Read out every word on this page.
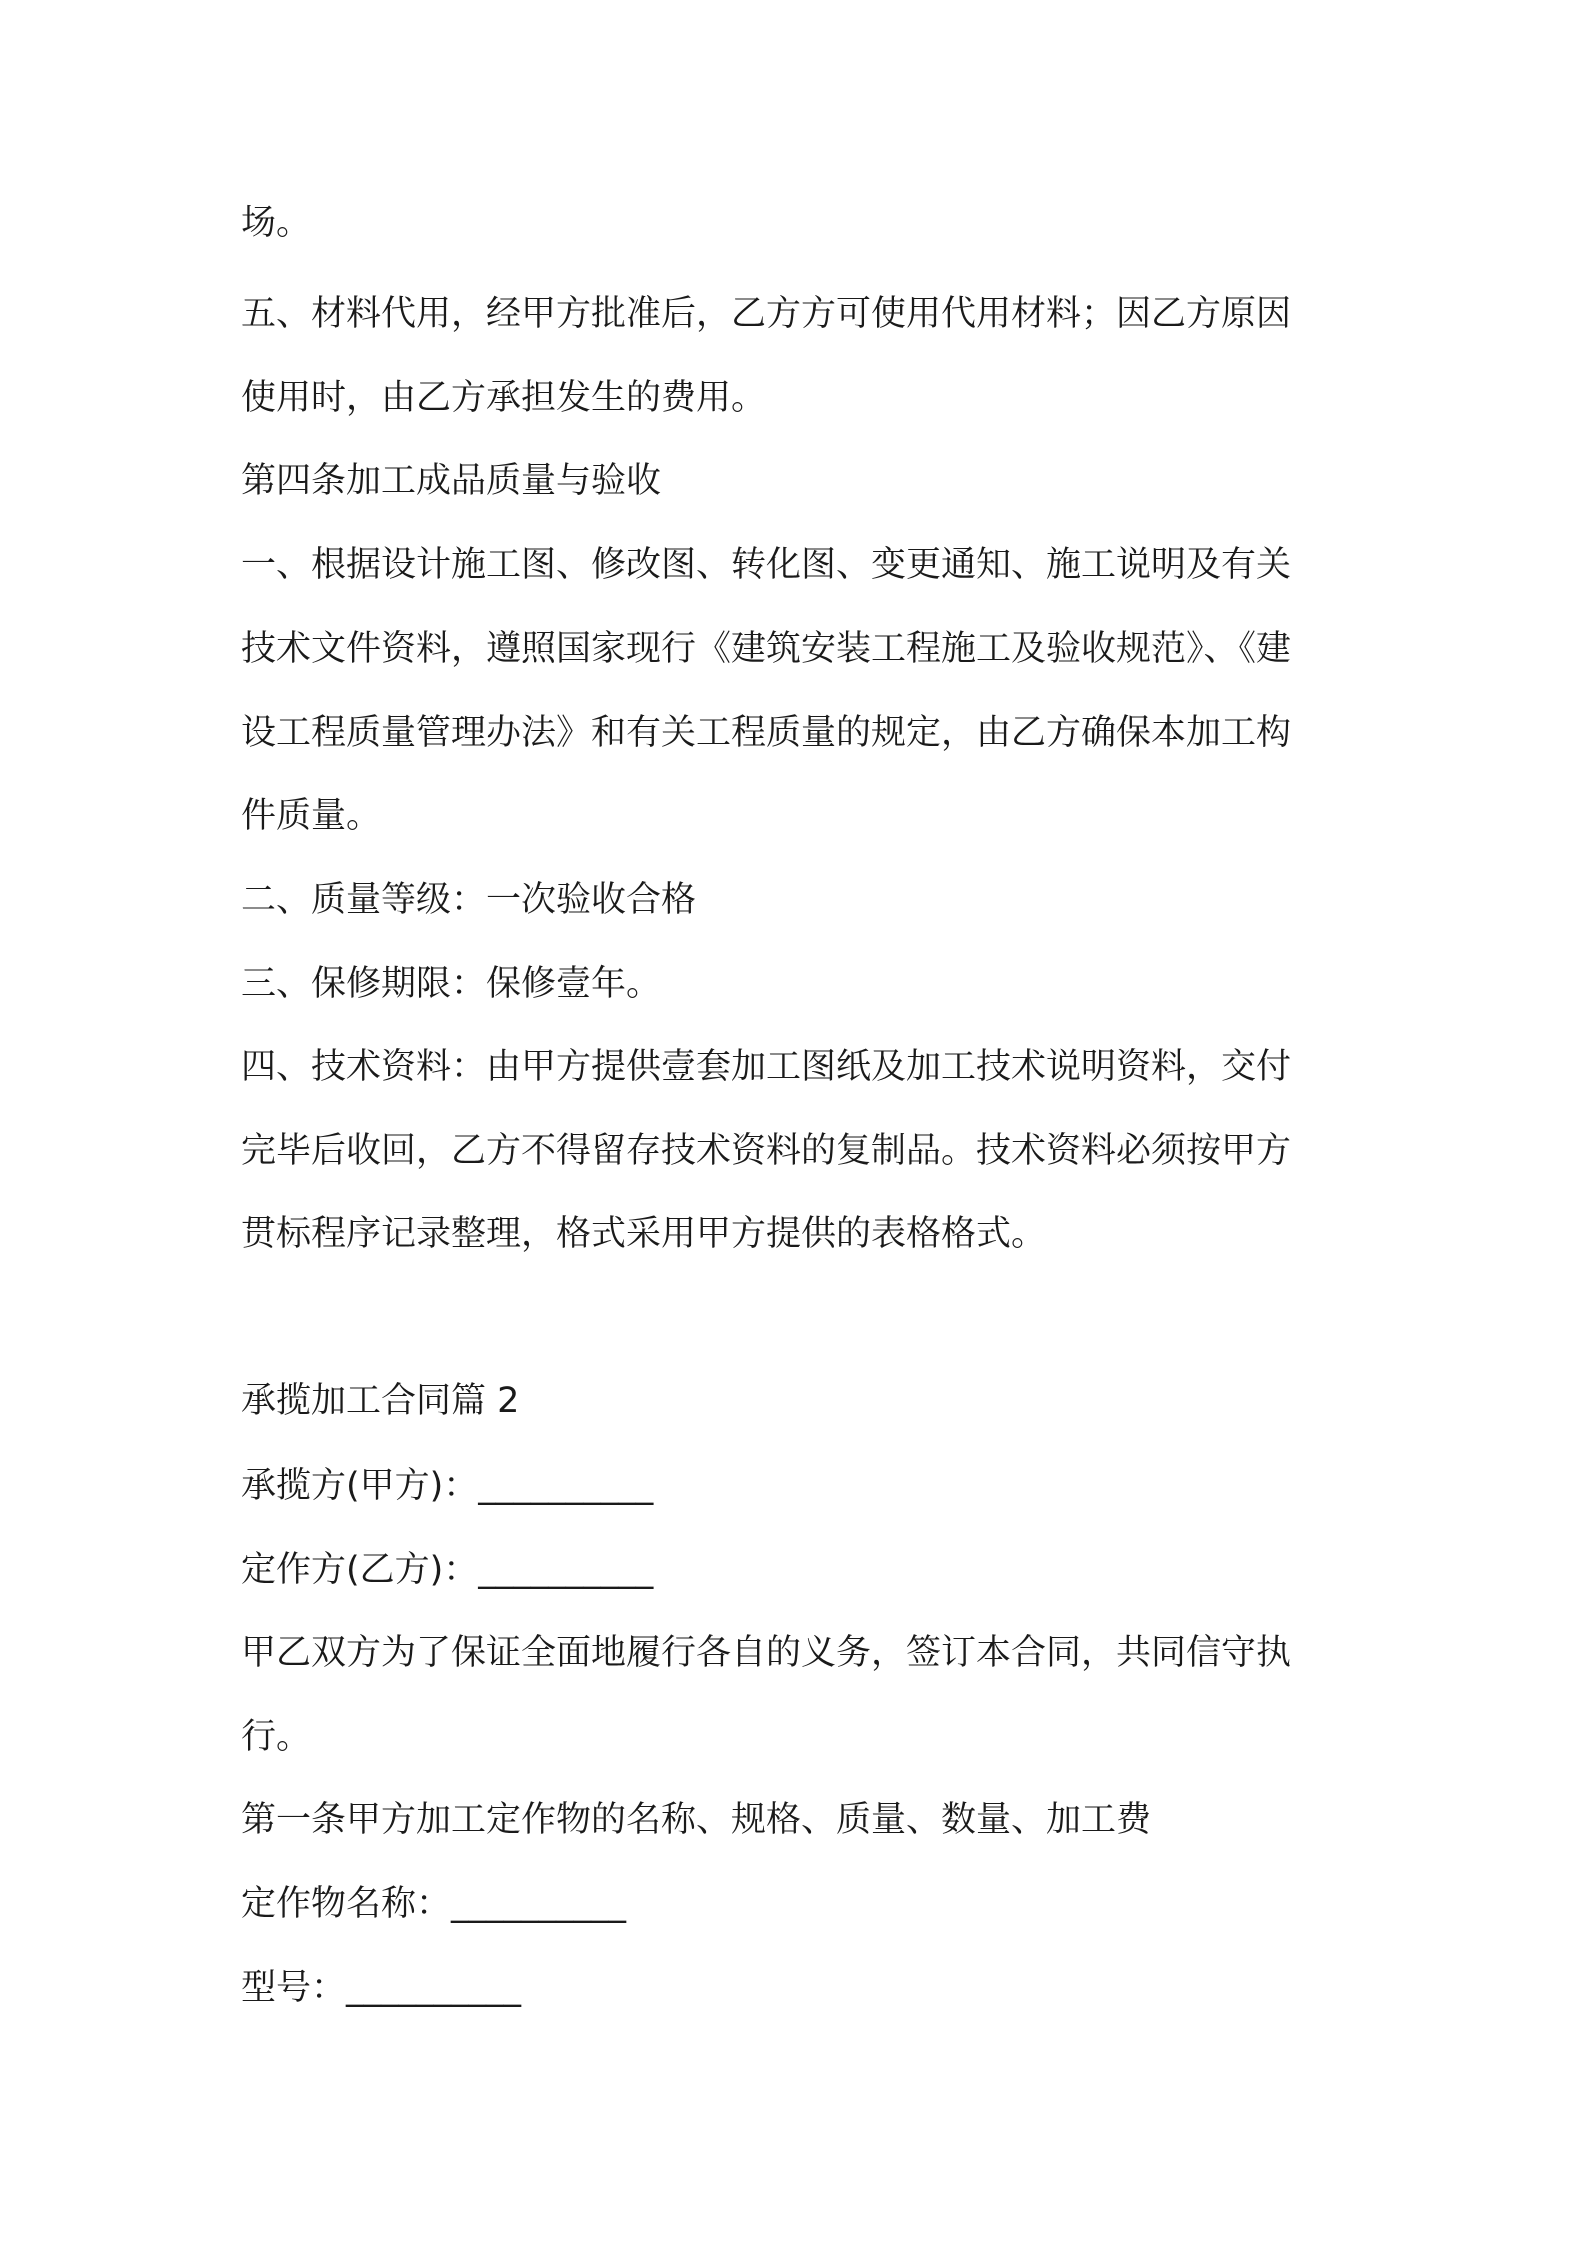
场。
五、材料代用，经甲方批准后，乙方方可使用代用材料；因乙方原因
使用时，由乙方承担发生的费用。
第四条加工成品质量与验收
一、根据设计施工图、修改图、转化图、变更通知、施工说明及有关
技术文件资料，遵照国家现行《建筑安装工程施工及验收规范》、《建
设工程质量管理办法》和有关工程质量的规定，由乙方确保本加工构
件质量。
二、质量等级：一次验收合格
三、保修期限：保修壹年。
四、技术资料：由甲方提供壹套加工图纸及加工技术说明资料，交付
完毕后收回，乙方不得留存技术资料的复制品。技术资料必须按甲方
贯标程序记录整理，格式采用甲方提供的表格格式。
承揽加工合同篇 2
承揽方(甲方)：__________
定作方(乙方)：__________
甲乙双方为了保证全面地履行各自的义务，签订本合同，共同信守执
行。
第一条甲方加工定作物的名称、规格、质量、数量、加工费
定作物名称：__________
型号：__________
